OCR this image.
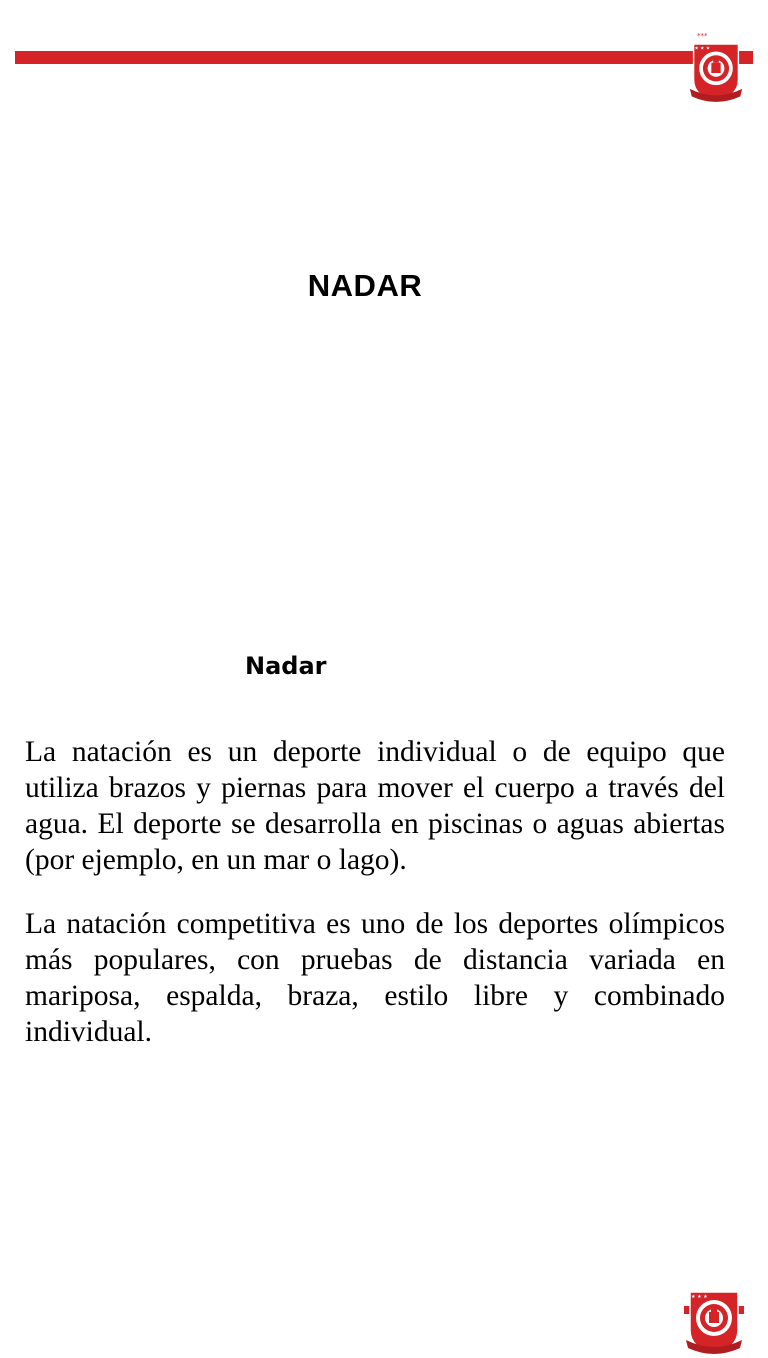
***
★ ★ ★
NADAR
Nadar
★ ★ ★

La natación es un deporte individual o de equipo que utiliza brazos y piernas para mover el cuerpo a través del agua. El deporte se desarrolla en piscinas o aguas abiertas (por ejemplo, en un mar o lago).

La natación competitiva es uno de los deportes olímpicos más populares, con pruebas de distancia variada en mariposa, espalda, braza, estilo libre y combinado individual.
